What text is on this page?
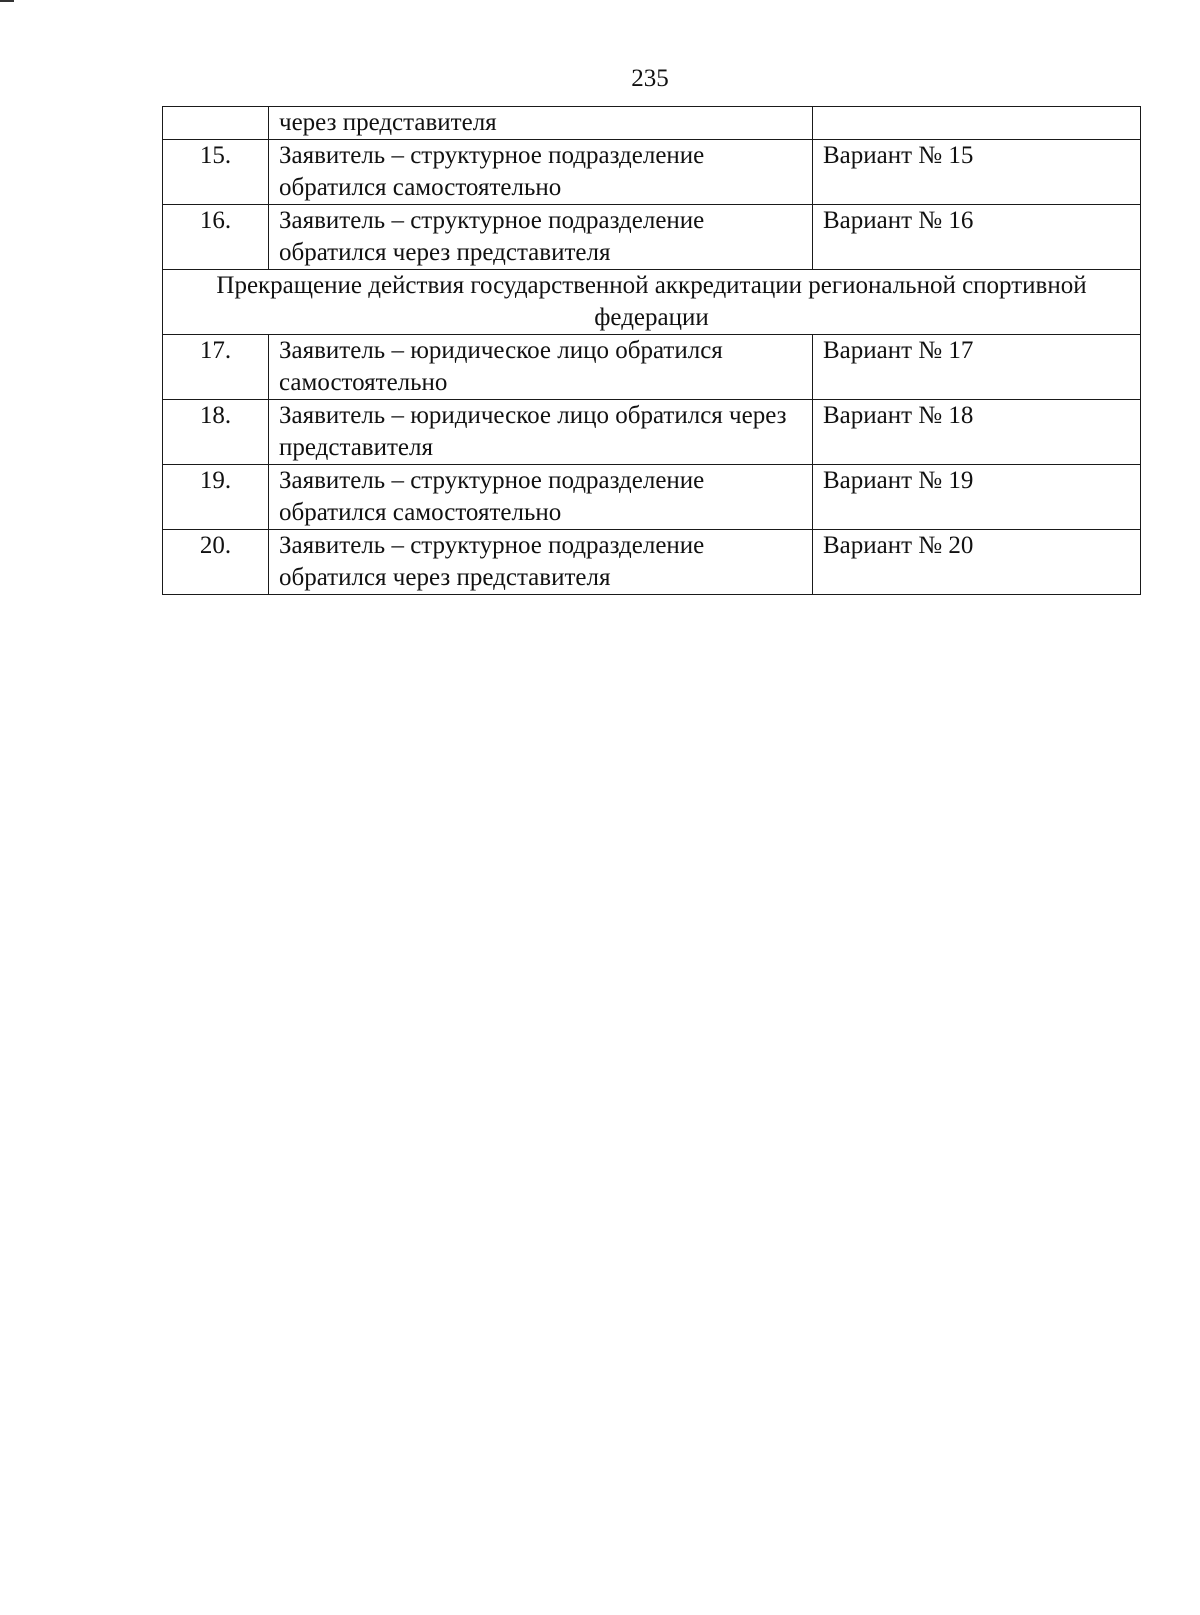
235
	через представителя	
15.	Заявитель – структурное подразделение обратился самостоятельно	Вариант № 15
16.	Заявитель – структурное подразделение обратился через представителя	Вариант № 16
Прекращение действия государственной аккредитации региональной спортивной федерации		
17.	Заявитель – юридическое лицо обратился самостоятельно	Вариант № 17
18.	Заявитель – юридическое лицо обратился через представителя	Вариант № 18
19.	Заявитель – структурное подразделение обратился самостоятельно	Вариант № 19
20.	Заявитель – структурное подразделение обратился через представителя	Вариант № 20
